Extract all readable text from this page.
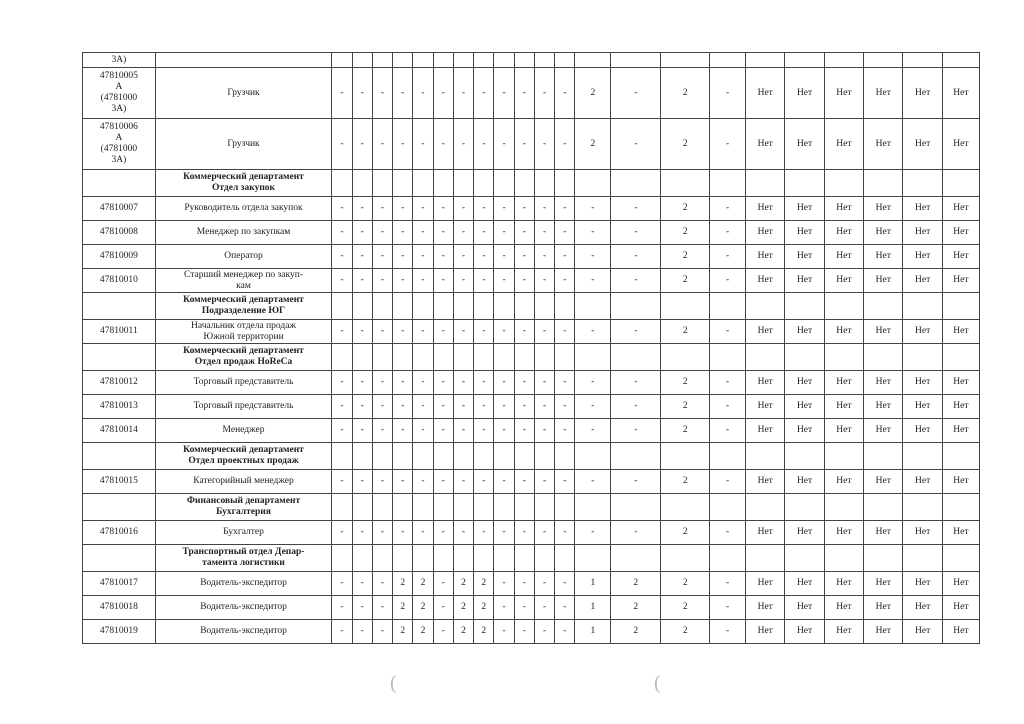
3А)																							
47810005
А
(4781000
3А)	Грузчик	-	-	-	-	-	-	-	-	-	-	-	-	2	-	2	-	Нет	Нет	Нет	Нет	Нет	Нет
47810006
А
(4781000
3А)	Грузчик	-	-	-	-	-	-	-	-	-	-	-	-	2	-	2	-	Нет	Нет	Нет	Нет	Нет	Нет
	Коммерческий департамент
Отдел закупок																						
47810007	Руководитель отдела закупок	-	-	-	-	-	-	-	-	-	-	-	-	-	-	2	-	Нет	Нет	Нет	Нет	Нет	Нет
47810008	Менеджер по закупкам	-	-	-	-	-	-	-	-	-	-	-	-	-	-	2	-	Нет	Нет	Нет	Нет	Нет	Нет
47810009	Оператор	-	-	-	-	-	-	-	-	-	-	-	-	-	-	2	-	Нет	Нет	Нет	Нет	Нет	Нет
47810010	Старший менеджер по закуп-
кам	-	-	-	-	-	-	-	-	-	-	-	-	-	-	2	-	Нет	Нет	Нет	Нет	Нет	Нет
	Коммерческий департамент
Подразделение ЮГ																						
47810011	Начальник отдела продаж
Южной территории	-	-	-	-	-	-	-	-	-	-	-	-	-	-	2	-	Нет	Нет	Нет	Нет	Нет	Нет
	Коммерческий департамент
Отдел продаж HoReCa																						
47810012	Торговый представитель	-	-	-	-	-	-	-	-	-	-	-	-	-	-	2	-	Нет	Нет	Нет	Нет	Нет	Нет
47810013	Торговый представитель	-	-	-	-	-	-	-	-	-	-	-	-	-	-	2	-	Нет	Нет	Нет	Нет	Нет	Нет
47810014	Менеджер	-	-	-	-	-	-	-	-	-	-	-	-	-	-	2	-	Нет	Нет	Нет	Нет	Нет	Нет
	Коммерческий департамент
Отдел проектных продаж																						
47810015	Категорийный менеджер	-	-	-	-	-	-	-	-	-	-	-	-	-	-	2	-	Нет	Нет	Нет	Нет	Нет	Нет
	Финансовый департамент
Бухгалтерия																						
47810016	Бухгалтер	-	-	-	-	-	-	-	-	-	-	-	-	-	-	2	-	Нет	Нет	Нет	Нет	Нет	Нет
	Транспортный отдел Депар-
тамента логистики																						
47810017	Водитель-экспедитор	-	-	-	2	2	-	2	2	-	-	-	-	1	2	2	-	Нет	Нет	Нет	Нет	Нет	Нет
47810018	Водитель-экспедитор	-	-	-	2	2	-	2	2	-	-	-	-	1	2	2	-	Нет	Нет	Нет	Нет	Нет	Нет
47810019	Водитель-экспедитор	-	-	-	2	2	-	2	2	-	-	-	-	1	2	2	-	Нет	Нет	Нет	Нет	Нет	Нет
(	(
